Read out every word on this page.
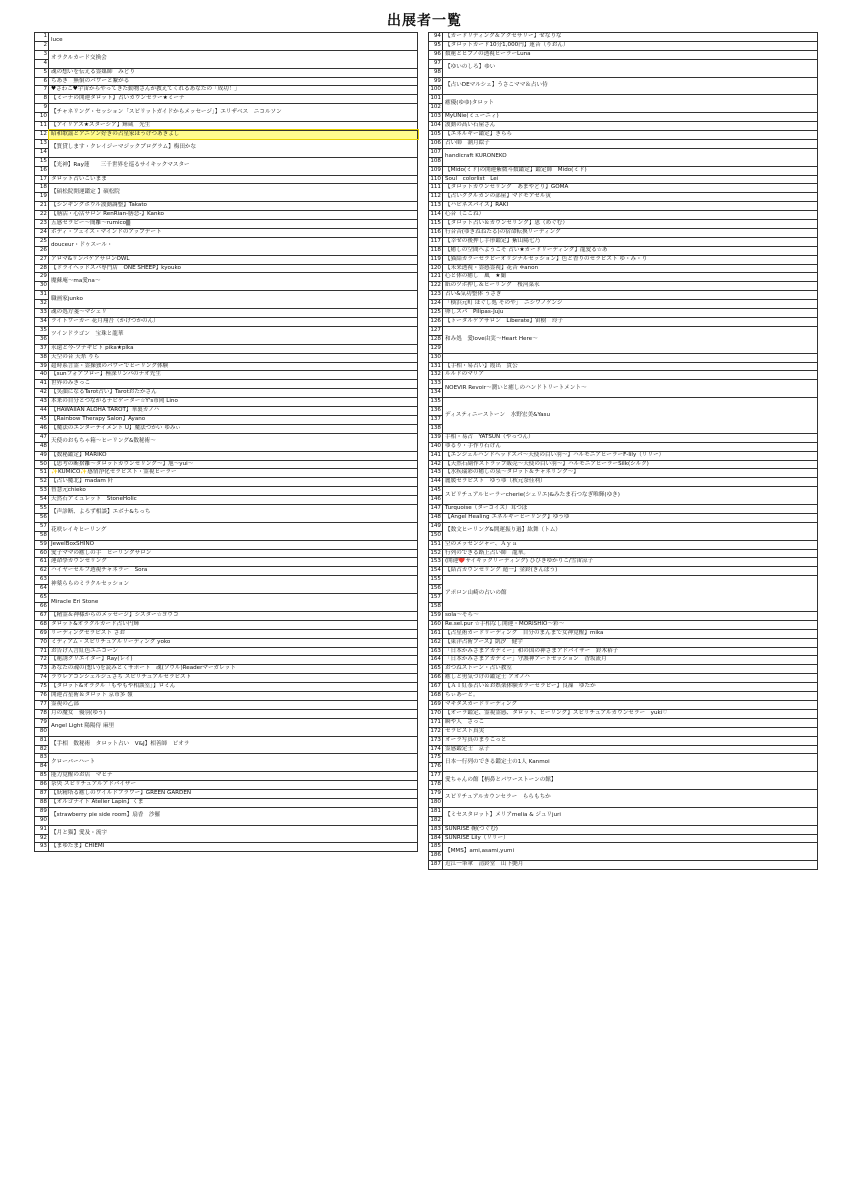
出展者一覧
1	luce
2	
3	オラクルカード交換会
4	
5	魂の想いを伝える霊媒師　みどり
6	ちあき　無償のパワーと繋がる
7	♥さわこ♥宇宙からやってきた動物さんが教えてくれるあなたの「成功！」
8	【ミーナの開運タロット】占いカウンセラー★ミーナ
9	【チャネリング・セッション「スピリットガイドからメッセージ」】エリザベス　ニコルソン
10	
11	【アイリアス★スターシア】輝蔵　光生
12	昭和歌謡とアニソン好きの占星家ほうげつあきよし
13	【質貸します・クレイジーマジックプログラム】梅田かな
14	
15	【光神】Ray蓮　　三千世界を巡るサイキックマスター
16	
17	タロット占いこいまま
18	【碩松院開運鑑定 】碩松院
19	
21	【シンギングボウル波動調整】Takato
22	【膳活・心活サロン RenRian-膳恋-】Kanko
23	五感セラピー〜簡離〜rumico▒
24	ボディ・フェイス・マインドのアップデート
25	douceur・ドゥスール・
26	
27	アロマ&リンパケアサロンOWL
28	【ドライヘッドスパ専門店　ONE SHEEP】kyouko
29	魔蘇庵〜ma愛na〜
30	
31	職画家junko
32	
33	魂の処方箋〜マシェリ
34	ライトワーカー 花月翔吾（かげつかのん）
35	ツインドラゴン　宝珠と龍華
36	
37	永遠と今-ツナギビト pika★pika
38	天空の音 天糸 りら
39	超時系言霊・霊操独のパワーでヒーリング体験
40	【sunフォアフロー】極深リンパのナオ先生
41	世界のみきっこ
42	【笑顔になるTarot占い】Tarotおたかさん
43	本来の自分とつながるナビゲーター☆Y's市岡 Lino
44	【HAWAIIAN ALOHA TAROT】華裏カノハ
45	【Rainbow Therapy Salon】Ayano
46	【魔法のエンターテイメント U】魔法つかい ゆみぃ
47	天使のおもちゃ箱〜ヒーリング&数秘術〜
48	
49	【数秘鑑定】MARIKO
50	【思考の断捨離〜タロットカウンセリング〜】旭〜yui〜
51	✨KUMICO✨感情浄化セラピスト・霊視ヒーラー
52	【占い魔北】madam 阡
53	智慧元chieko
54	天然石アミュレット　StoneHolic
55	【声診断、よろず相談】エボナ&ちっち
56	
57	花咲レイキヒーリング
58	
59	JewelBoxSHINO
60	愛子ママの癒しの手　ヒーリングサロン
61	運命學カウンセリング
62	ハイヤーセルフ透視チャネラー　Sora
63	神薬ららのミラクルセッション
64	
65	Miracle Eri Stone
66	
67	【精霊＆神様からのメッセージ】シスター☆ヨウコ
68	タロット&オラクルカード占い円輝
69	リーディングセラピスト さお
70	ミディアム・スピリチュアルリーディング yoko
71	お告げ人言紅色ユニコーン
72	【秘誘クリエイター】Ray(レイ)
73	あなたの魂の(想い)を読みとくサポート　魂(ソウル)Readerマーガレット
74	ラウレアコンシェルジュさち スピリチュアルセラピスト
75	【タロット&オラクル「もやもや相談室」】ロミん
76	開運占星術＆タロット 京市多 嶺
77	霊視の乙部
78	月の魔女　優羽(ゆう)
79	Angel Light 陽陽侍 麻里
80	
81	【手相　数秘術　タロット占い　V&J】相善師　ビオラ
82	
83	クローバーハート
84	
85	能力覚醒のお店　マヒナ
86	奈央 スピリチュアルアドバイザー
87	【妖精塔る癒しのワイルドフラワー】GREEN GARDEN
88	【オルゴナイト Atelier Lapin】くま
89	【strawberry pie side room】扇香　沙羅
90	
91	【月と猫】愛及・流宇
92	
93	【まゆたま】CHIEMI
94	【カードリディング＆アクセサリー】せなりな
95	【タロットカード10分1,000円】蓮音（りおん）
96	数秘とヒプノの透視ヒーラーLuna
97	【ゆいのしろ】ゆい
98	
99	【占いDEマルシェ】うさこママ＆占い侍
100	
101	癒優(ゆゆ)タロット
102	
103	MyUNie(ミューニィ)
104	波動の高い石屋さん
105	【エネルギー鑑定】きらら
106	占い師　潮月絵子
107	handicraft KURONEKO
108	
109	【Mido(ミド)の開運紫微斗数鑑定】鑑定師　Mido(ミド)
110	Soul　colorlist　Lei
111	【タロットカウンセリング　あまやどり】GOMA
112	【占いククルカンの部屋】マドモアゼル寅
113	【ハピネスパイス】RAKI
114	心音（ここね）
115	【タロット占い＆カウンセリング】恵（めぐむ）
116	行音音(ゆきねねたる)の宿命転換リーディング
117	【幸せの後押し手形鑑定】紫山陽七乃
118	【癒しの空間へようこそ 占い★カードリーディング】龍愛る☆あ
119	【猫結カラーセラピーオリジナルセッション】色と香りのセラピスト ゆ・み・り
120	【未来透視・霊感霊視】花音 ✡anon
121	心と体の癒し　風　★蘭
122	紙のツボ押し＆ヒーリング　桜河菜永
123	占い&気功整体 うさぎ
124	「横浜元町 ほぐし処 そのや」　ニシワノケンジ
125	卵しスパ　Pilipas-Juju
126	【トータルケアサロン　Liberate】宙樹　玲子
127	和み処　愛love由実〜Heart Here〜
128	
129	
130	
131	【手相・易占い】霞出　貴公
132	ルルドのマリア
133	NOEVIR Revoir〜潤いと癒しのハンドトリートメント〜
134	
135	ディスティニーストーン　水野宏美&Yasu
136	
137	
138	
139	手相・易占　YATSUN（やっつん）
140	ゆるり・手作り石けん
141	【エンジェルハンドヘッドスパ〜天使の白い羽〜】ハルモニアヒーラーF-lily（リリー）
142	【天然石副作ストラップ販売〜天使の白い羽〜】ハルモニアヒーラーSilk(シルク)
143	【水疾瑞彩の癒しの泉〜タロット＆チャネリング〜】
144	麗媛セラピスト　ゆうゆ（秋元奈佳利）
145	スピリチュアルヒーラーcherie(シェリエ)&みたま石つなぎ唯輝(ゆき)
146	
147	Turquoise（ターコイズ）茸つぼ
148	【Angel Healing エネルギーヒーリング】ゆうゆ
149	【数文ヒーリング&開運振り過】紘舞（トム）
150	
151	空のメッセンジャー、Ａｙａ
152	行列のできる路上占い師　龍華。
153	(開運❤️サイキックリーディング) ひびきゆかりこ/雪宙涼子
154	【結占カウンセリング 遁一】金鈴(きんぽう)
155	アポロン山崎の占いの館
156	
157	
158	
159	sola〜そら〜
160	Re.sel.pur ☆手相なし開運・MORISHIO〜彩〜
161	【占星術カードリーディング　自分のまんまで女神覚醒】mika
162	【東洋占術ブース】凱汐　健宇
163	「日本かみさまアカデミー」和の国の神さまアドバイザー　鈴木裕子
164	「日本かみさまアカデミー」守護神アートセッション　香坂流月
165	おつねストーン・占い教室
166	癒しと勇気づけの鑑定士 アオノハ
167	【ＡＩ紅茶占い＆お娯楽体験カラーセラピー】良凜　ゆたか
168	ちぃあーと。
169	マキタスカードリーディング
170	【オーラ鑑定、霊視霊感、タロット、ヒーリング】スピリチュアルカウンセラー　yuki♡
171	瞬や人　さっこ
172	セラピスト真実
173	オーラ写真のまりこっと
174	霊感鑑定士　京子
175	日本一行列のできる鑑定士の1人 Kanmoi
176	
177	愛ちゃんの館【柄鼻とパワーストーンの館】
178	
179	スピリチュアルカウンセラー　ららもちか
180	
181	【ミセスタロット】メリアmelia & ジュリjuri
182	
183	SUNRISE 鞠(つぐむ)
184	SUNRISE Lily（リリー）
185	【MMS】ami,asami,yumi
186	
187	近江一筆傘　清鈴堂　山下艶月
